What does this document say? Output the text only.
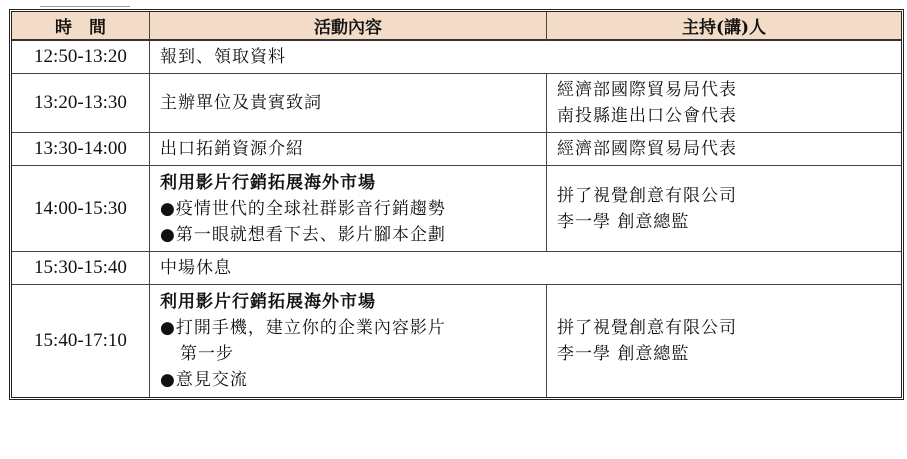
時　間	活動內容	主持(講)人
12:50-13:20	報到、領取資料	

13:20-13:30	主辦單位及貴賓致詞	經濟部國際貿易局代表
南投縣進出口公會代表

13:30-14:00	出口拓銷資源介紹	經濟部國際貿易局代表

14:00-15:30	利用影片行銷拓展海外市場
●疫情世代的全球社群影音行銷趨勢
●第一眼就想看下去、影片腳本企劃	拼了視覺創意有限公司
李一學 創意總監

15:30-15:40	中場休息	

15:40-17:10	利用影片行銷拓展海外市場
●打開手機，建立你的企業內容影片
第一步
●意見交流	拼了視覺創意有限公司
李一學 創意總監
